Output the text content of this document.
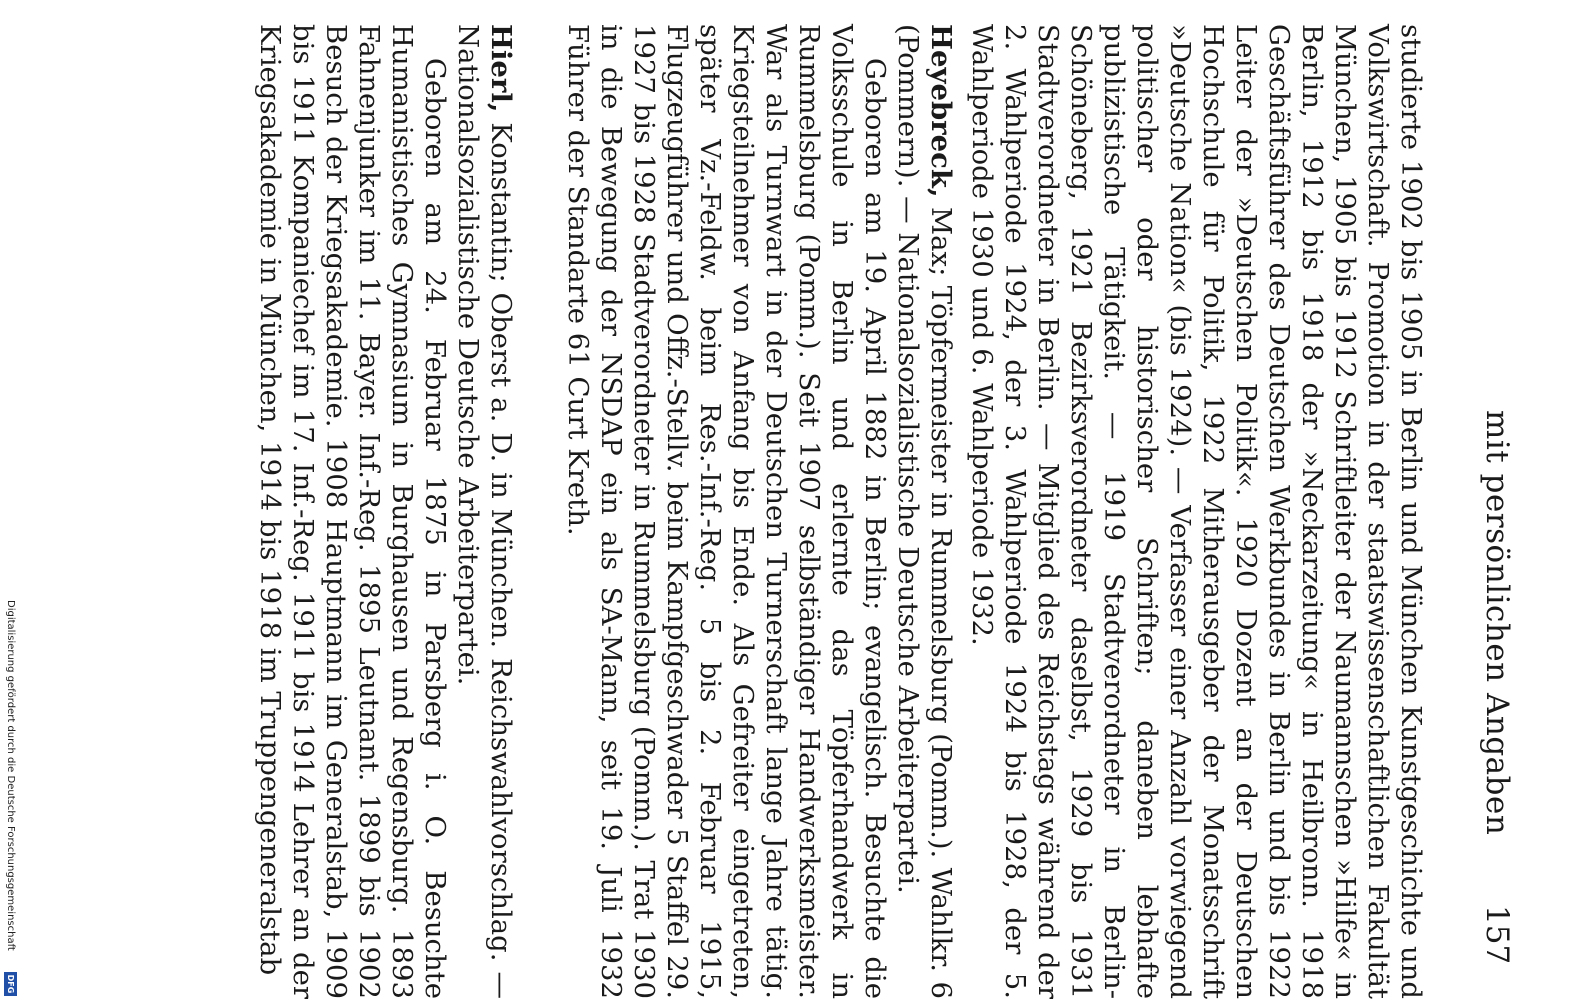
mit persönlichen Angaben
157

studierte 1902 bis 1905 in Berlin und München Kunstgeschichte und Volkswirtschaft. Promotion in der staatswissenschaftlichen Fakultät München, 1905 bis 1912 Schriftleiter der Naumannschen »Hilfe« in Berlin, 1912 bis 1918 der »Neckarzeitung« in Heilbronn. 1918 Geschäftsführer des Deutschen Werkbundes in Berlin und bis 1922 Leiter der »Deutschen Politik«. 1920 Dozent an der Deutschen Hochschule für Politik, 1922 Mitherausgeber der Monatsschrift »Deutsche Nation« (bis 1924). — Verfasser einer Anzahl vorwiegend politischer oder historischer Schriften; daneben lebhafte publizistische Tätigkeit. — 1919 Stadtverordneter in Berlin-Schöneberg, 1921 Bezirksverordneter daselbst, 1929 bis 1931 Stadtverordneter in Berlin. — Mitglied des Reichstags während der 2. Wahlperiode 1924, der 3. Wahlperiode 1924 bis 1928, der 5. Wahlperiode 1930 und 6. Wahlperiode 1932.

Heyebreck, Max; Töpfermeister in Rummelsburg (Pomm.). Wahlkr. 6 (Pommern). — Nationalsozialistische Deutsche Arbeiterpartei.

Geboren am 19. April 1882 in Berlin; evangelisch. Besuchte die Volksschule in Berlin und erlernte das Töpferhandwerk in Rummelsburg (Pomm.). Seit 1907 selbständiger Handwerksmeister. War als Turnwart in der Deutschen Turnerschaft lange Jahre tätig. Kriegsteilnehmer von Anfang bis Ende. Als Gefreiter eingetreten, später Vz.-Feldw. beim Res.-Inf.-Reg. 5 bis 2. Februar 1915, Flugzeugführer und Offz.-Stellv. beim Kampfgeschwader 5 Staffel 29. 1927 bis 1928 Stadtverordneter in Rummelsburg (Pomm.). Trat 1930 in die Bewegung der NSDAP ein als SA-Mann, seit 19. Juli 1932 Führer der Standarte 61 Curt Kreth.

Hierl, Konstantin; Oberst a. D. in München. Reichswahlvorschlag. — Nationalsozialistische Deutsche Arbeiterpartei.

Geboren am 24. Februar 1875 in Parsberg i. O. Besuchte Humanistisches Gymnasium in Burghausen und Regensburg. 1893 Fahnenjunker im 11. Bayer. Inf.-Reg. 1895 Leutnant. 1899 bis 1902 Besuch der Kriegsakademie. 1908 Hauptmann im Generalstab, 1909 bis 1911 Kompaniechef im 17. Inf.-Reg. 1911 bis 1914 Lehrer an der Kriegsakademie in München, 1914 bis 1918 im Truppengeneralstab

Digitalisierung gefördert durch die Deutsche Forschungsgemeinschaft
DFG
